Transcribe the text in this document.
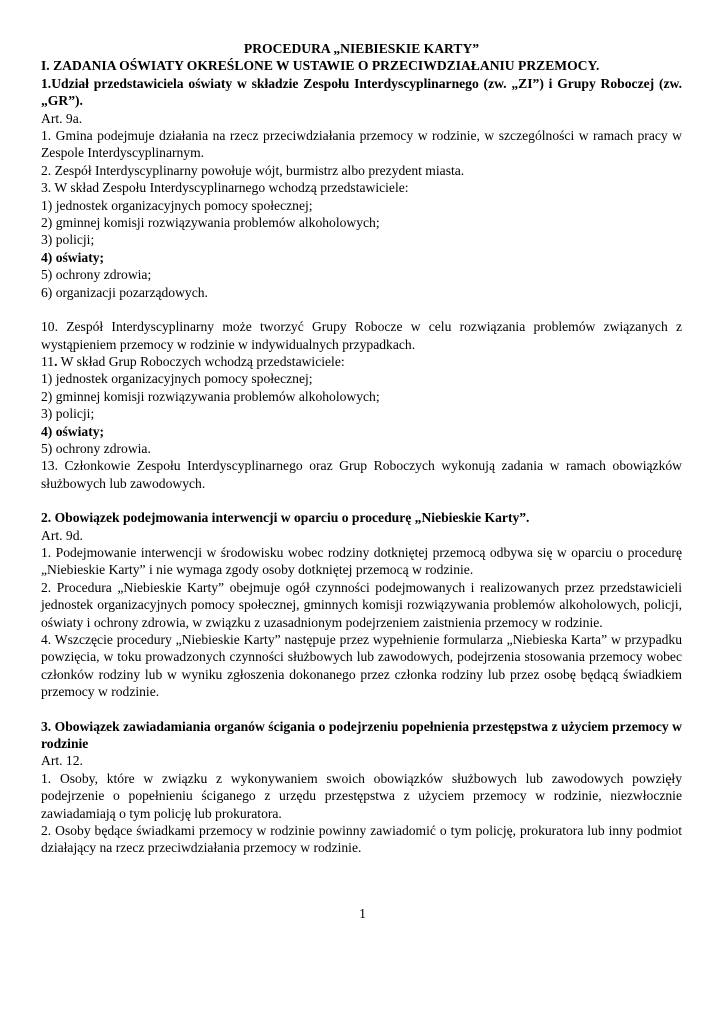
PROCEDURA „NIEBIESKIE KARTY”

I. ZADANIA OŚWIATY OKREŚLONE W USTAWIE O PRZECIWDZIAŁANIU PRZEMOCY.

1.Udział przedstawiciela oświaty w składzie Zespołu Interdyscyplinarnego (zw. „ZI”) i Grupy Roboczej (zw. „GR”).

Art. 9a.

1. Gmina podejmuje działania na rzecz przeciwdziałania przemocy w rodzinie, w szczególności w ramach pracy w Zespole Interdyscyplinarnym.

2. Zespół Interdyscyplinarny powołuje wójt, burmistrz albo prezydent miasta.

3. W skład Zespołu Interdyscyplinarnego wchodzą przedstawiciele:

1) jednostek organizacyjnych pomocy społecznej;

2) gminnej komisji rozwiązywania problemów alkoholowych;

3) policji;

4) oświaty;

5) ochrony zdrowia;

6) organizacji pozarządowych.

10. Zespół Interdyscyplinarny może tworzyć Grupy Robocze w celu rozwiązania problemów związanych z wystąpieniem przemocy w rodzinie w indywidualnych przypadkach.

11. W skład Grup Roboczych wchodzą przedstawiciele:

1) jednostek organizacyjnych pomocy społecznej;

2) gminnej komisji rozwiązywania problemów alkoholowych;

3) policji;

4) oświaty;

5) ochrony zdrowia.

13. Członkowie Zespołu Interdyscyplinarnego oraz Grup Roboczych wykonują zadania w ramach obowiązków służbowych lub zawodowych.

2. Obowiązek podejmowania interwencji w oparciu o procedurę „Niebieskie Karty”.

Art. 9d.

1. Podejmowanie interwencji w środowisku wobec rodziny dotkniętej przemocą odbywa się w oparciu o procedurę „Niebieskie Karty” i nie wymaga zgody osoby dotkniętej przemocą w rodzinie.

2. Procedura „Niebieskie Karty” obejmuje ogół czynności podejmowanych i realizowanych przez przedstawicieli jednostek organizacyjnych pomocy społecznej, gminnych komisji rozwiązywania problemów alkoholowych, policji, oświaty i ochrony zdrowia, w związku z uzasadnionym podejrzeniem zaistnienia przemocy w rodzinie.

4. Wszczęcie procedury „Niebieskie Karty” następuje przez wypełnienie formularza „Niebieska Karta” w przypadku powzięcia, w toku prowadzonych czynności służbowych lub zawodowych, podejrzenia stosowania przemocy wobec członków rodziny lub w wyniku zgłoszenia dokonanego przez członka rodziny lub przez osobę będącą świadkiem przemocy w rodzinie.

3. Obowiązek zawiadamiania organów ścigania o podejrzeniu popełnienia przestępstwa z użyciem przemocy w rodzinie

Art. 12.

1. Osoby, które w związku z wykonywaniem swoich obowiązków służbowych lub zawodowych powzięły podejrzenie o popełnieniu ściganego z urzędu przestępstwa z użyciem przemocy w rodzinie, niezwłocznie zawiadamiają o tym policję lub prokuratora.

2. Osoby będące świadkami przemocy w rodzinie powinny zawiadomić o tym policję, prokuratora lub inny podmiot działający na rzecz przeciwdziałania przemocy w rodzinie.

1
